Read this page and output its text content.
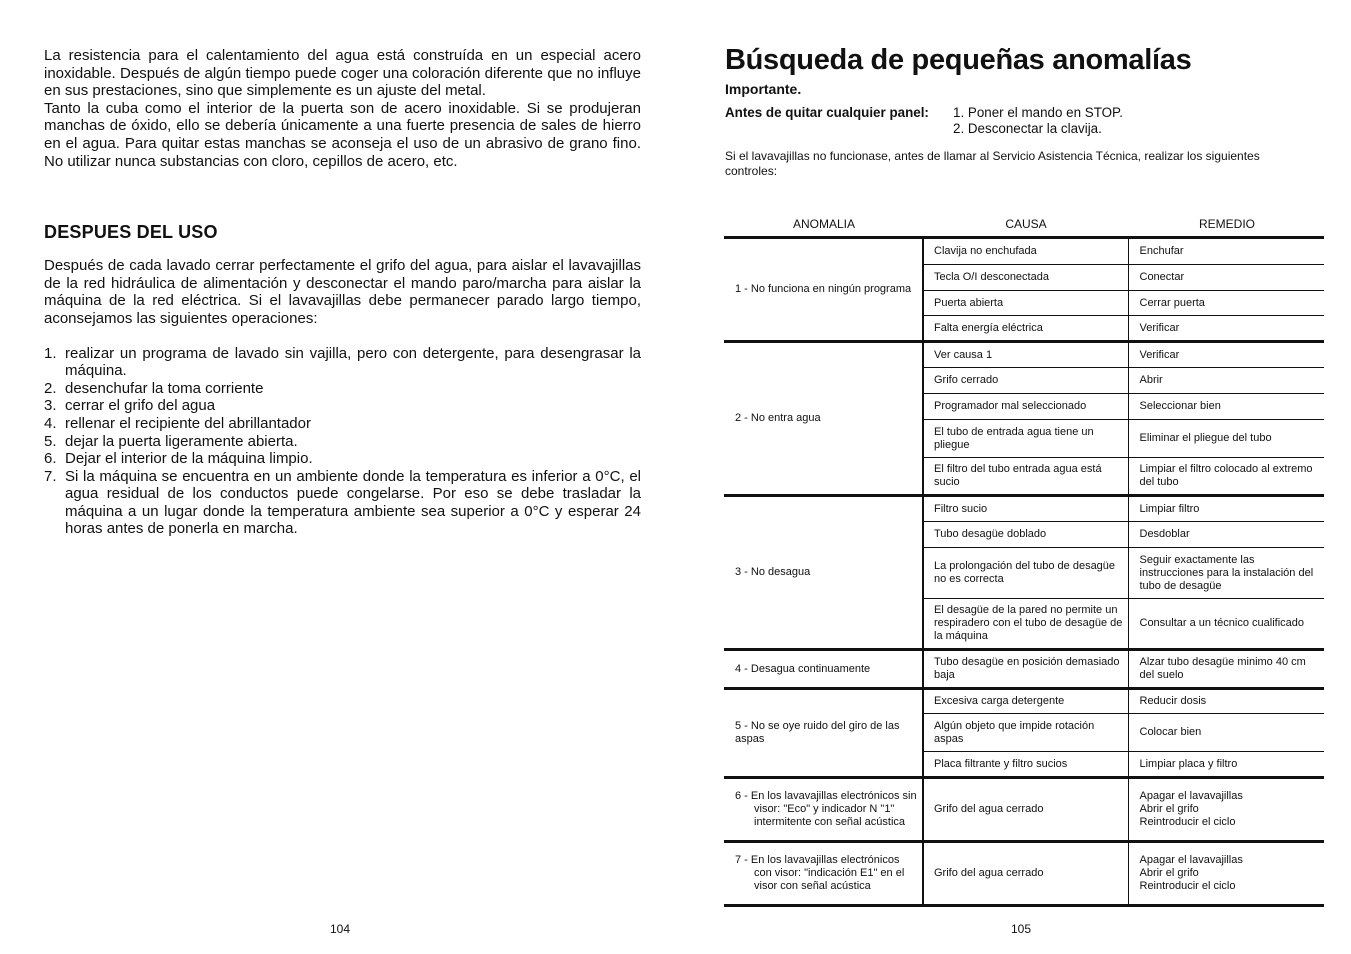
La resistencia para el calentamiento del agua está construída en un especial acero inoxidable. Después de algún tiempo puede coger una coloración diferente que no influye en sus prestaciones, sino que simplemente es un ajuste del metal.

Tanto la cuba como el interior de la puerta son de acero inoxidable. Si se produjeran manchas de óxido, ello se debería únicamente a una fuerte presencia de sales de hierro en el agua. Para quitar estas manchas se aconseja el uso de un abrasivo de grano fino. No utilizar nunca substancias con cloro, cepillos de acero, etc.

DESPUES DEL USO

Después de cada lavado cerrar perfectamente el grifo del agua, para aislar el lavavajillas de la red hidráulica de alimentación y desconectar el mando paro/marcha para aislar la máquina de la red eléctrica. Si el lavavajillas debe permanecer parado largo tiempo, aconsejamos las siguientes operaciones:

1. realizar un programa de lavado sin vajilla, pero con detergente, para desengrasar la máquina.
2. desenchufar la toma corriente
3. cerrar el grifo del agua
4. rellenar el recipiente del abrillantador
5. dejar la puerta ligeramente abierta.
6. Dejar el interior de la máquina limpio.
7. Si la máquina se encuentra en un ambiente donde la temperatura es inferior a 0°C, el agua residual de los conductos puede congelarse. Por eso se debe trasladar la máquina a un lugar donde la temperatura ambiente sea superior a 0°C y esperar 24 horas antes de ponerla en marcha.
104
Búsqueda de pequeñas anomalías
Importante.
Antes de quitar cualquier panel:	1. Poner el mando en STOP.
2. Desconectar la clavija.

Si el lavavajillas no funcionase, antes de llamar al Servicio Asistencia Técnica, realizar los siguientes controles:

ANOMALIA	CAUSA	REMEDIO
1 - No funciona en ningún programa	Clavija no enchufada	Enchufar
	Tecla O/I desconectada	Conectar
	Puerta abierta	Cerrar puerta
	Falta energía eléctrica	Verificar

2 - No entra agua	Ver causa 1	Verificar
	Grifo cerrado	Abrir
	Programador mal seleccionado	Seleccionar bien
	El tubo de entrada agua tiene un pliegue	Eliminar el pliegue del tubo
	El filtro del tubo entrada agua está sucio	Limpiar el filtro colocado al extremo del tubo

3 - No desagua	Filtro sucio	Limpiar filtro
	Tubo desagüe doblado	Desdoblar
	La prolongación del tubo de desagüe no es correcta	Seguir exactamente las instrucciones para la instalación del tubo de desagüe
	El desagüe de la pared no permite un respiradero con el tubo de desagüe de la máquina	Consultar a un técnico cualificado

4 - Desagua continuamente	Tubo desagüe en posición demasiado baja	Alzar tubo desagüe minimo 40 cm del suelo

5 - No se oye ruido del giro de las aspas	Excesiva carga detergente	Reducir dosis
	Algún objeto que impide rotación aspas	Colocar bien
	Placa filtrante y filtro sucios	Limpiar placa y filtro

6 - En los lavavajillas electrónicos sin visor: "Eco" y indicador N "1" intermitente con señal acústica	Grifo del agua cerrado	Apagar el lavavajillas
Abrir el grifo
Reintroducir el ciclo

7 - En los lavavajillas electrónicos con visor: "indicación E1" en el visor con señal acústica	Grifo del agua cerrado	Apagar el lavavajillas
Abrir el grifo
Reintroducir el ciclo
105
